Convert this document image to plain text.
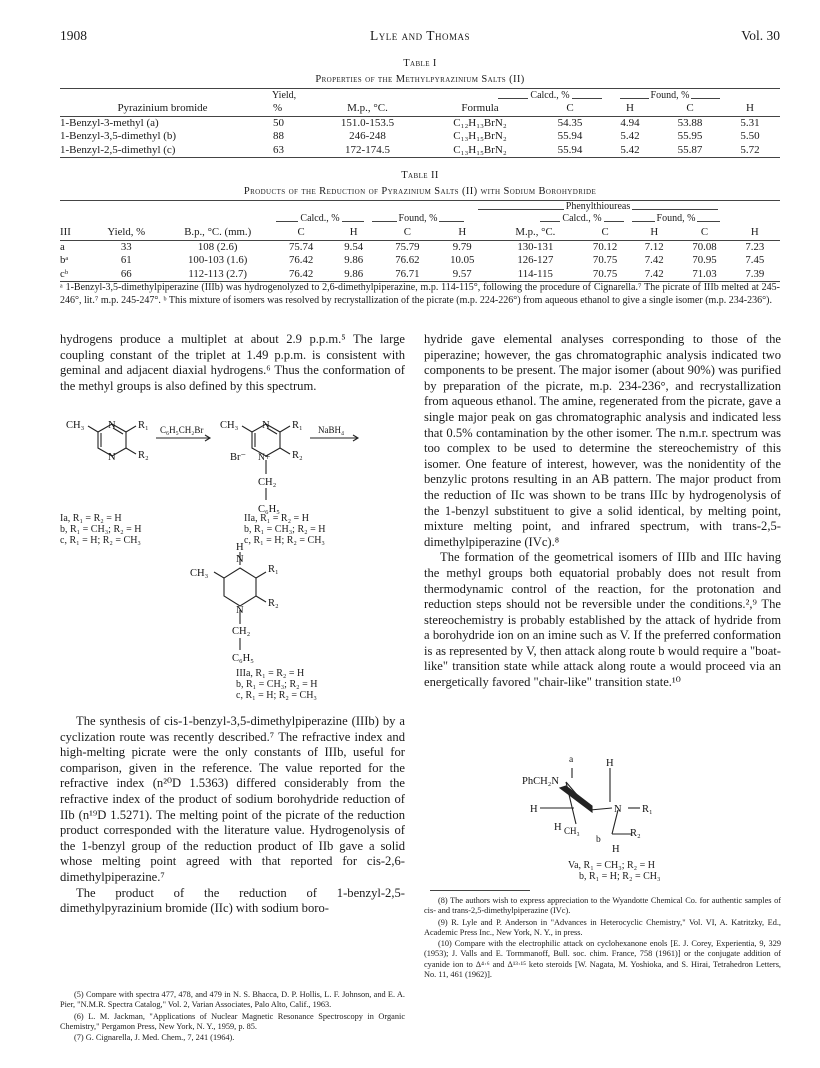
1908	Lyle and Thomas	Vol. 30
Table I
Properties of the Methylpyrazinium Salts (II)
Yield,	Calcd., %	Found, %
Pyrazinium bromide	%	M.p., °C.	Formula	C	H	C	H
1-Benzyl-3-methyl (a)	50	151.0-153.5	C₁₂H₁₃BrN₂	54.35	4.94	53.88	5.31
1-Benzyl-3,5-dimethyl (b)	88	246-248	C₁₃H₁₅BrN₂	55.94	5.42	55.95	5.50
1-Benzyl-2,5-dimethyl (c)	63	172-174.5	C₁₃H₁₅BrN₂	55.94	5.42	55.87	5.72
Table II
Products of the Reduction of Pyrazinium Salts (II) with Sodium Borohydride
Phenylthioureas
Calcd., %	Found, %	Calcd., %	Found, %
III	Yield, %	B.p., °C. (mm.)	C	H	C	H	M.p., °C.	C	H	C	H
a	33	108 (2.6)	75.74	9.54	75.79	9.79	130-131	70.12	7.12	70.08	7.23
bᵃ	61	100-103 (1.6)	76.42	9.86	76.62	10.05	126-127	70.75	7.42	70.95	7.45
cᵇ	66	112-113 (2.7)	76.42	9.86	76.71	9.57	114-115	70.75	7.42	71.03	7.39
ᵃ 1-Benzyl-3,5-dimethylpiperazine (IIIb) was hydrogenolyzed to 2,6-dimethylpiperazine, m.p. 114-115°, following the procedure of Cignarella.⁷ The picrate of IIIb melted at 245-246°, lit.⁷ m.p. 245-247°. ᵇ This mixture of isomers was resolved by recrystallization of the picrate (m.p. 224-226°) from aqueous ethanol to give a single isomer (m.p. 234-236°).

hydrogens produce a multiplet at about 2.9 p.p.m.⁵ The large coupling constant of the triplet at 1.49 p.p.m. is consistent with geminal and adjacent diaxial hydrogens.⁶ Thus the conformation of the methyl groups is also defined by this spectrum.

CH₃ N R₁
N R₂
C₆H₅CH₂Br CH₃ N R₁
Br⁻ N+ R₂
CH₂
C₆H₅
NaBH₄
H
N
CH₃	R₁
N
R₂
CH₂
C₆H₅
Ia, R₁ = R₂ = H
b, R₁ = CH₃; R₂ = H
c, R₁ = H; R₂ = CH₃
IIa, R₁ = R₂ = H
b, R₁ = CH₃; R₂ = H
c, R₁ = H; R₂ = CH₃
IIIa, R₁ = R₂ = H
b, R₁ = CH₃; R₂ = H
c, R₁ = H; R₂ = CH₃

The synthesis of cis-1-benzyl-3,5-dimethylpiperazine (IIIb) by a cyclization route was recently described.⁷ The refractive index and high-melting picrate were the only constants of IIIb, useful for comparison, given in the reference. The value reported for the refractive index (n²⁰D 1.5363) differed considerably from the refractive index of the product of sodium borohydride reduction of IIb (n¹⁹D 1.5271). The melting point of the picrate of the reduction product corresponded with the literature value. Hydrogenolysis of the 1-benzyl group of the reduction product of IIb gave a solid whose melting point agreed with that reported for cis-2,6-dimethylpiperazine.⁷

The product of the reduction of 1-benzyl-2,5-dimethylpyrazinium bromide (IIc) with sodium boro-

hydride gave elemental analyses corresponding to those of the piperazine; however, the gas chromatographic analysis indicated two components to be present. The major isomer (about 90%) was purified by preparation of the picrate, m.p. 234-236°, and recrystallization from aqueous ethanol. The amine, regenerated from the picrate, gave a single major peak on gas chromatographic analysis and indicated less that 0.5% contamination by the other isomer. The n.m.r. spectrum was too complex to be used to determine the stereochemistry of this isomer. One feature of interest, however, was the nonidentity of the benzylic protons resulting in an AB pattern. The major product from the reduction of IIc was shown to be trans IIIc by hydrogenolysis of the 1-benzyl substituent to give a solid identical, by melting point, mixture melting point, and infrared spectrum, with trans-2,5-dimethylpiperazine (IVc).⁸

The formation of the geometrical isomers of IIIb and IIIc having the methyl groups both equatorial probably does not result from thermodynamic control of the reaction, for the protonation and reduction steps should not be reversible under the conditions.²,⁹ The stereochemistry is probably established by the attack of hydride from a borohydride ion on an imine such as V. If the preferred conformation is as represented by V, then attack along route b would require a "boat-like" transition state while attack along route a would proceed via an energetically favored "chair-like" transition state.¹⁰

a
PhCH₂N
H
H	N R₁
H CH₃	R₂
b
H
Va, R₁ = CH₃; R₂ = H
b, R₁ = H; R₂ = CH₃

(5) Compare with spectra 477, 478, and 479 in N. S. Bhacca, D. P. Hollis, L. F. Johnson, and E. A. Pier, "N.M.R. Spectra Catalog," Vol. 2, Varian Associates, Palo Alto, Calif., 1963.

(6) L. M. Jackman, "Applications of Nuclear Magnetic Resonance Spectroscopy in Organic Chemistry," Pergamon Press, New York, N. Y., 1959, p. 85.

(7) G. Cignarella, J. Med. Chem., 7, 241 (1964).

(8) The authors wish to express appreciation to the Wyandotte Chemical Co. for authentic samples of cis- and trans-2,5-dimethylpiperazine (IVc).

(9) R. Lyle and P. Anderson in "Advances in Heterocyclic Chemistry," Vol. VI, A. Katritzky, Ed., Academic Press Inc., New York, N. Y., in press.

(10) Compare with the electrophilic attack on cyclohexanone enols [E. J. Corey, Experientia, 9, 329 (1953); J. Valls and E. Tormmanoff, Bull. soc. chim. France, 758 (1961)] or the conjugate addition of cyanide ion to Δ⁴·⁶ and Δ¹³·¹⁵ keto steroids [W. Nagata, M. Yoshioka, and S. Hirai, Tetrahedron Letters, No. 11, 461 (1962)].
